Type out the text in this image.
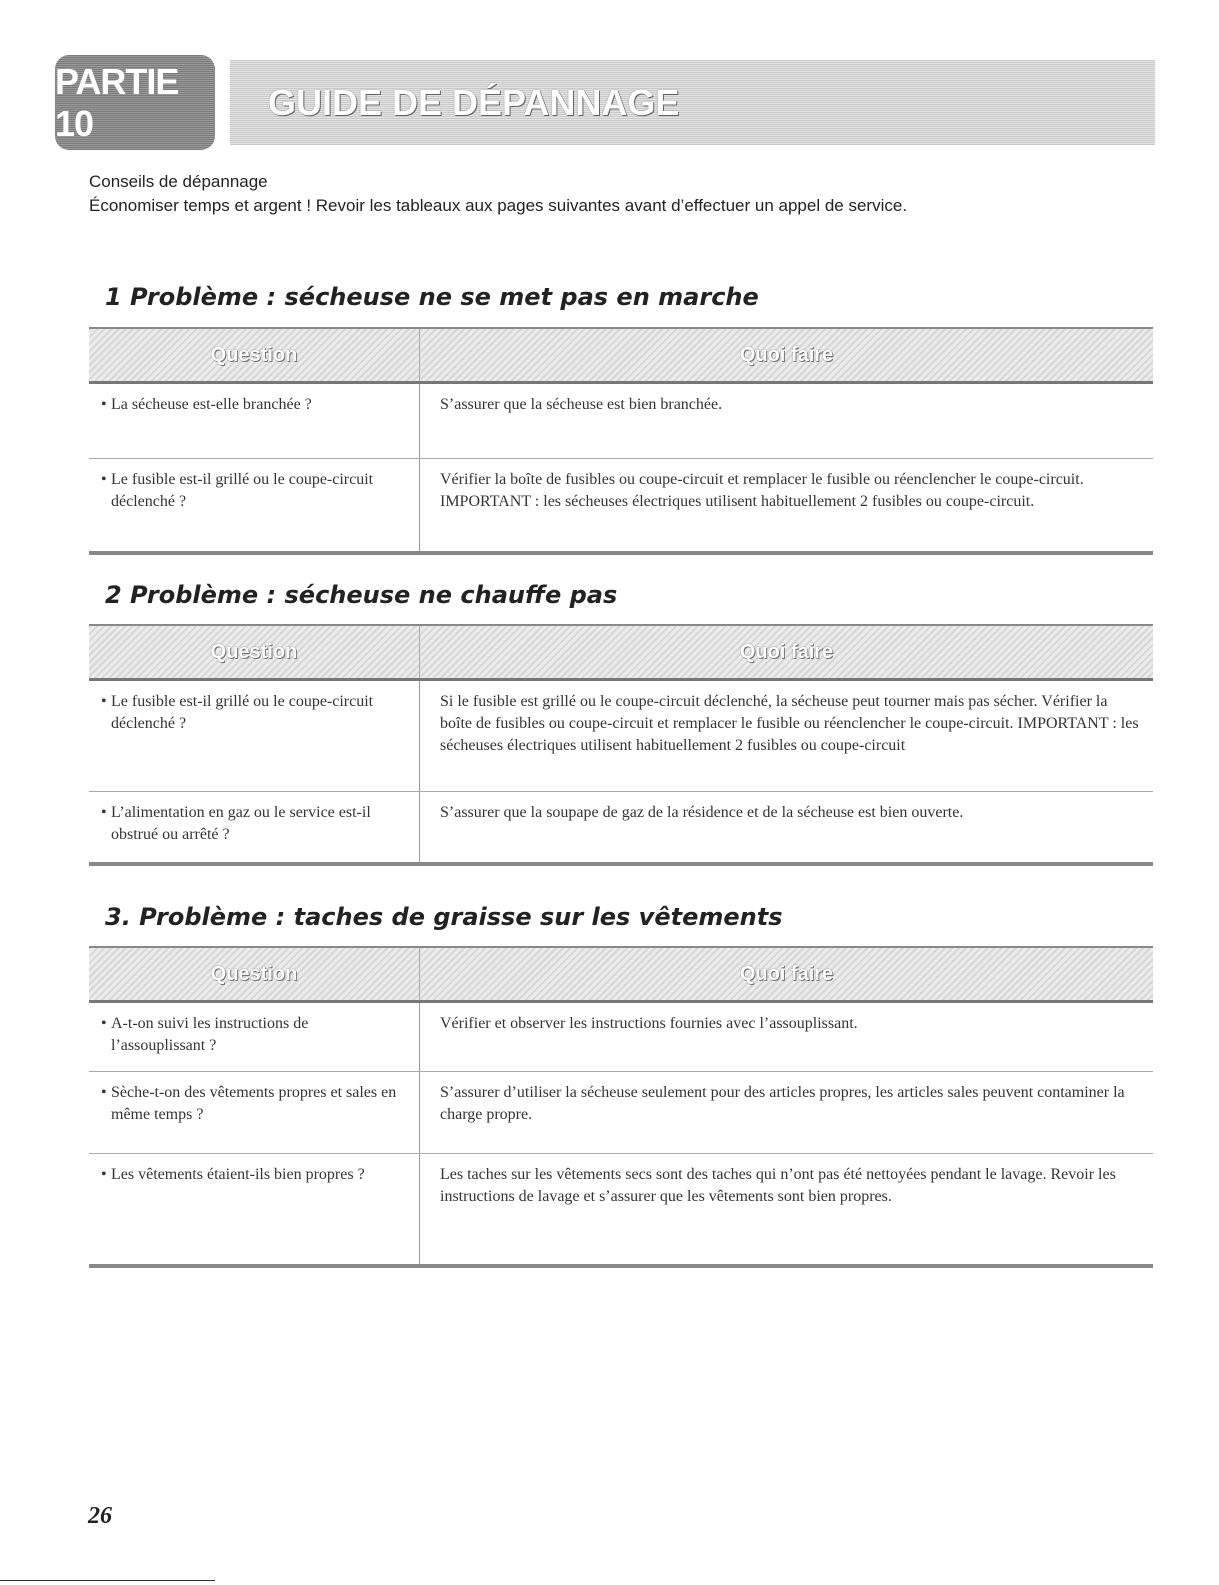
PARTIE 10
GUIDE DE DÉPANNAGE

Conseils de dépannage

Économiser temps et argent ! Revoir les tableaux aux pages suivantes avant d’effectuer un appel de service.

1 Problème : sécheuse ne se met pas en marche
Question	Quoi faire
• La sécheuse est-elle branchée ?	S’assurer que la sécheuse est bien branchée.
• Le fusible est-il grillé ou le coupe-circuit déclenché ?	Vérifier la boîte de fusibles ou coupe-circuit et remplacer le fusible ou réenclencher le coupe-circuit. IMPORTANT : les sécheuses électriques utilisent habituellement 2 fusibles ou coupe-circuit.
2 Problème : sécheuse ne chauffe pas
Question	Quoi faire
• Le fusible est-il grillé ou le coupe-circuit déclenché ?	Si le fusible est grillé ou le coupe-circuit déclenché, la sécheuse peut tourner mais pas sécher. Vérifier la boîte de fusibles ou coupe-circuit et remplacer le fusible ou réenclencher le coupe-circuit. IMPORTANT : les sécheuses électriques utilisent habituellement 2 fusibles ou coupe-circuit
• L’alimentation en gaz ou le service est-il obstrué ou arrêté ?	S’assurer que la soupape de gaz de la résidence et de la sécheuse est bien ouverte.
3. Problème : taches de graisse sur les vêtements
Question	Quoi faire
• A-t-on suivi les instructions de l’assouplissant ?	Vérifier et observer les instructions fournies avec l’assouplissant.
• Sèche-t-on des vêtements propres et sales en même temps ?	S’assurer d’utiliser la sécheuse seulement pour des articles propres, les articles sales peuvent contaminer la charge propre.
• Les vêtements étaient-ils bien propres ?	Les taches sur les vêtements secs sont des taches qui n’ont pas été nettoyées pendant le lavage. Revoir les instructions de lavage et s’assurer que les vêtements sont bien propres.
26
